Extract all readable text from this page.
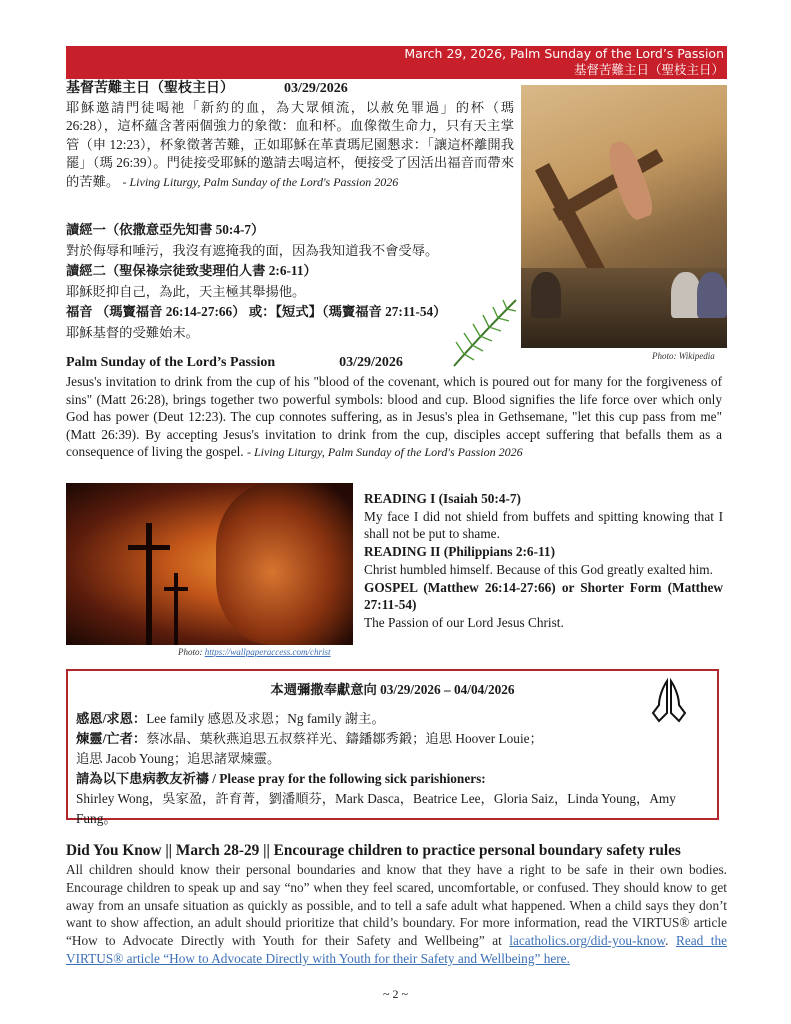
March 29, 2026, Palm Sunday of the Lord’s Passion
基督苦難主日（聖枝主日）
基督苦難主日（聖枝主日）	03/29/2026
耶穌邀請門徒喝祂「新約的血，為大眾傾流，以赦免罪過」的杯（瑪 26:28），這杯蘊含著兩個強力的象徵：血和杯。血像徵生命力，只有天主掌管（申 12:23），杯象徵著苦難，正如耶穌在革責瑪尼園懇求：「讓這杯離開我罷」（瑪 26:39）。門徒接受耶穌的邀請去喝這杯，便接受了因活出福音而帶來的苦難。 - Living Liturgy, Palm Sunday of the Lord's Passion 2026
讀經一（依撒意亞先知書 50:4-7）
對於侮辱和唾污，我沒有遮掩我的面，因為我知道我不會受辱。
讀經二（聖保祿宗徒致斐理伯人書 2:6-11）
耶穌貶抑自己，為此，天主極其舉揚他。
福音 （瑪竇福音 26:14-27:66） 或：【短式】（瑪竇福音 27:11-54）
耶穌基督的受難始末。
Photo: Wikipedia
Palm Sunday of the Lord’s Passion	03/29/2026
Jesus's invitation to drink from the cup of his "blood of the covenant, which is poured out for many for the forgiveness of sins" (Matt 26:28), brings together two powerful symbols: blood and cup. Blood signifies the life force over which only God has power (Deut 12:23). The cup connotes suffering, as in Jesus's plea in Gethsemane, "let this cup pass from me" (Matt 26:39). By accepting Jesus's invitation to drink from the cup, disciples accept suffering that befalls them as a consequence of living the gospel. - Living Liturgy, Palm Sunday of the Lord's Passion 2026
Photo: https://wallpaperaccess.com/christ
READING I (Isaiah 50:4-7)
My face I did not shield from buffets and spitting knowing that I shall not be put to shame.
READING II (Philippians 2:6-11)
Christ humbled himself. Because of this God greatly exalted him.
GOSPEL (Matthew 26:14-27:66) or Shorter Form (Matthew 27:11-54)
The Passion of our Lord Jesus Christ.
本週彌撒奉獻意向 03/29/2026 – 04/04/2026
感恩/求恩：Lee family 感恩及求恩；Ng family 謝主。
煉靈/亡者：蔡冰晶、葉秋燕追思五叔蔡祥光、鑄鐇鄒秀鍛；追思 Hoover Louie；
追思 Jacob Young；追思諸眾煉靈。
請為以下患病教友祈禱 / Please pray for the following sick parishioners:
Shirley Wong，吳家盈，許育菁，劉潘順芬，Mark Dasca，Beatrice Lee，Gloria Saiz，Linda Young，Amy Fung。
Did You Know || March 28-29 || Encourage children to practice personal boundary safety rules
All children should know their personal boundaries and know that they have a right to be safe in their own bodies. Encourage children to speak up and say “no” when they feel scared, uncomfortable, or confused. They should know to get away from an unsafe situation as quickly as possible, and to tell a safe adult what happened. When a child says they don’t want to show affection, an adult should prioritize that child’s boundary. For more information, read the VIRTUS® article “How to Advocate Directly with Youth for their Safety and Wellbeing” at lacatholics.org/did-you-know. Read the VIRTUS® article “How to Advocate Directly with Youth for their Safety and Wellbeing” here.
~ 2 ~
